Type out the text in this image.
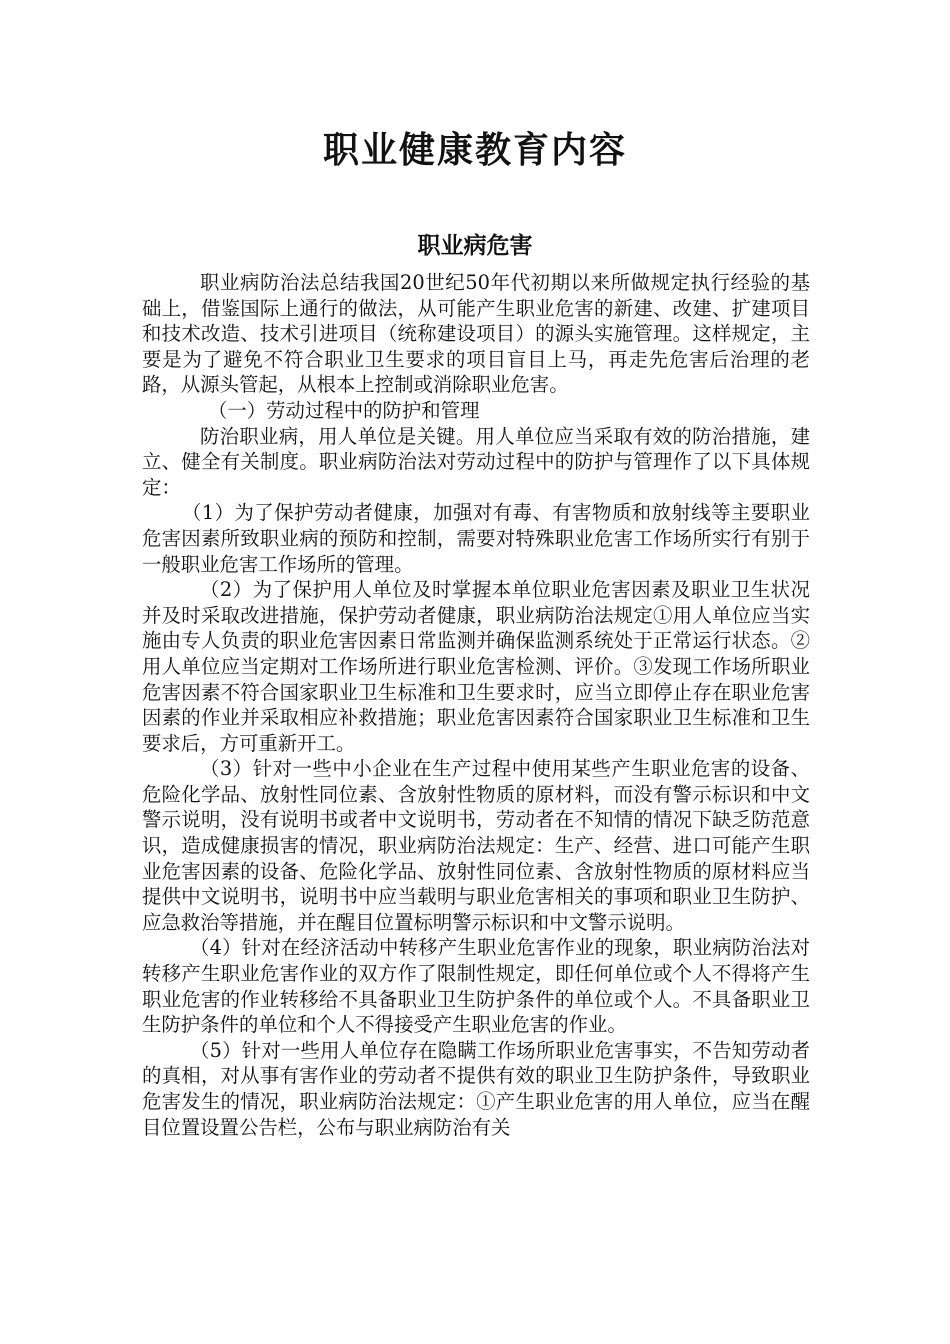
职业健康教育内容
职业病危害

职业病防治法总结我国20世纪50年代初期以来所做规定执行经验的基础上，借鉴国际上通行的做法，从可能产生职业危害的新建、改建、扩建项目和技术改造、技术引进项目（统称建设项目）的源头实施管理。这样规定，主要是为了避免不符合职业卫生要求的项目盲目上马，再走先危害后治理的老路，从源头管起，从根本上控制或消除职业危害。

（一）劳动过程中的防护和管理

防治职业病，用人单位是关键。用人单位应当采取有效的防治措施，建立、健全有关制度。职业病防治法对劳动过程中的防护与管理作了以下具体规定：

（1）为了保护劳动者健康，加强对有毒、有害物质和放射线等主要职业危害因素所致职业病的预防和控制，需要对特殊职业危害工作场所实行有别于一般职业危害工作场所的管理。

（2）为了保护用人单位及时掌握本单位职业危害因素及职业卫生状况并及时采取改进措施，保护劳动者健康，职业病防治法规定①用人单位应当实施由专人负责的职业危害因素日常监测并确保监测系统处于正常运行状态。②用人单位应当定期对工作场所进行职业危害检测、评价。③发现工作场所职业危害因素不符合国家职业卫生标准和卫生要求时，应当立即停止存在职业危害因素的作业并采取相应补救措施；职业危害因素符合国家职业卫生标准和卫生要求后，方可重新开工。

（3）针对一些中小企业在生产过程中使用某些产生职业危害的设备、危险化学品、放射性同位素、含放射性物质的原材料，而没有警示标识和中文警示说明，没有说明书或者中文说明书，劳动者在不知情的情况下缺乏防范意识，造成健康损害的情况，职业病防治法规定：生产、经营、进口可能产生职业危害因素的设备、危险化学品、放射性同位素、含放射性物质的原材料应当提供中文说明书，说明书中应当载明与职业危害相关的事项和职业卫生防护、应急救治等措施，并在醒目位置标明警示标识和中文警示说明。

（4）针对在经济活动中转移产生职业危害作业的现象，职业病防治法对转移产生职业危害作业的双方作了限制性规定，即任何单位或个人不得将产生职业危害的作业转移给不具备职业卫生防护条件的单位或个人。不具备职业卫生防护条件的单位和个人不得接受产生职业危害的作业。

（5）针对一些用人单位存在隐瞒工作场所职业危害事实，不告知劳动者的真相，对从事有害作业的劳动者不提供有效的职业卫生防护条件，导致职业危害发生的情况，职业病防治法规定：①产生职业危害的用人单位，应当在醒目位置设置公告栏，公布与职业病防治有关
